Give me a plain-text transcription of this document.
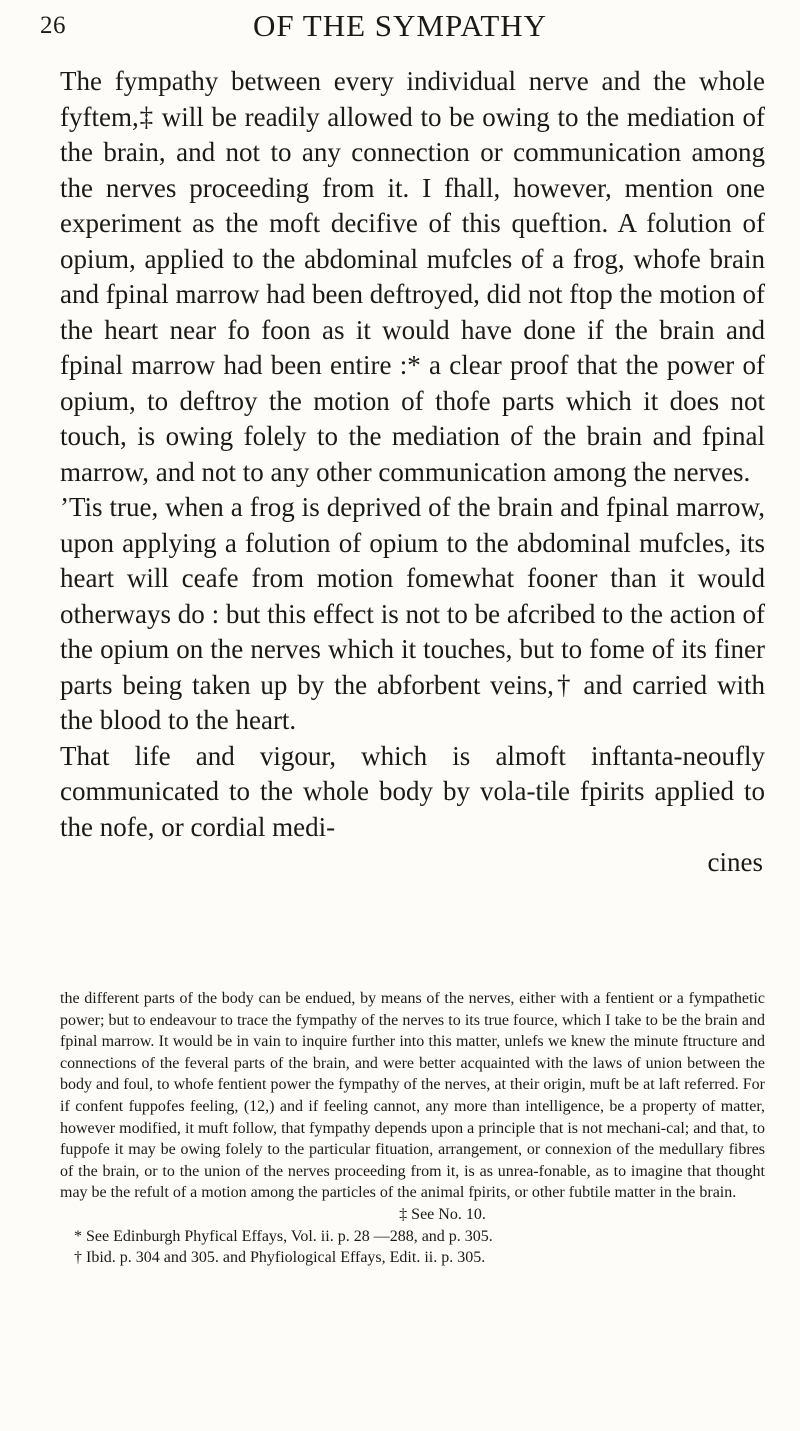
26	OF THE SYMPATHY

The fympathy between every individual nerve and the whole fyftem,‡ will be readily allowed to be owing to the mediation of the brain, and not to any connection or communication among the nerves proceeding from it. I fhall, however, mention one experiment as the moft decifive of this queftion. A folution of opium, applied to the abdominal mufcles of a frog, whofe brain and fpinal marrow had been deftroyed, did not ftop the motion of the heart near fo foon as it would have done if the brain and fpinal marrow had been entire :* a clear proof that the power of opium, to deftroy the motion of thofe parts which it does not touch, is owing folely to the mediation of the brain and fpinal marrow, and not to any other communication among the nerves.

’Tis true, when a frog is deprived of the brain and fpinal marrow, upon applying a folution of opium to the abdominal mufcles, its heart will ceafe from motion fomewhat fooner than it would otherways do : but this effect is not to be afcribed to the action of the opium on the nerves which it touches, but to fome of its finer parts being taken up by the abforbent veins,† and carried with the blood to the heart.

That life and vigour, which is almoft inftanta-neoufly communicated to the whole body by vola-tile fpirits applied to the nofe, or cordial medi-

cines

the different parts of the body can be endued, by means of the nerves, either with a fentient or a fympathetic power; but to endeavour to trace the fympathy of the nerves to its true fource, which I take to be the brain and fpinal marrow. It would be in vain to inquire further into this matter, unlefs we knew the minute ftructure and connections of the feveral parts of the brain, and were better acquainted with the laws of union between the body and foul, to whofe fentient power the fympathy of the nerves, at their origin, muft be at laft referred. For if confent fuppofes feeling, (12,) and if feeling cannot, any more than intelligence, be a property of matter, however modified, it muft follow, that fympathy depends upon a principle that is not mechani-cal; and that, to fuppofe it may be owing folely to the particular fituation, arrangement, or connexion of the medullary fibres of the brain, or to the union of the nerves proceeding from it, is as unrea-fonable, as to imagine that thought may be the refult of a motion among the particles of the animal fpirits, or other fubtile matter in the brain.

‡ See No. 10.

* See Edinburgh Phyfical Effays, Vol. ii. p. 28 —288, and p. 305.

† Ibid. p. 304 and 305. and Phyfiological Effays, Edit. ii. p. 305.
